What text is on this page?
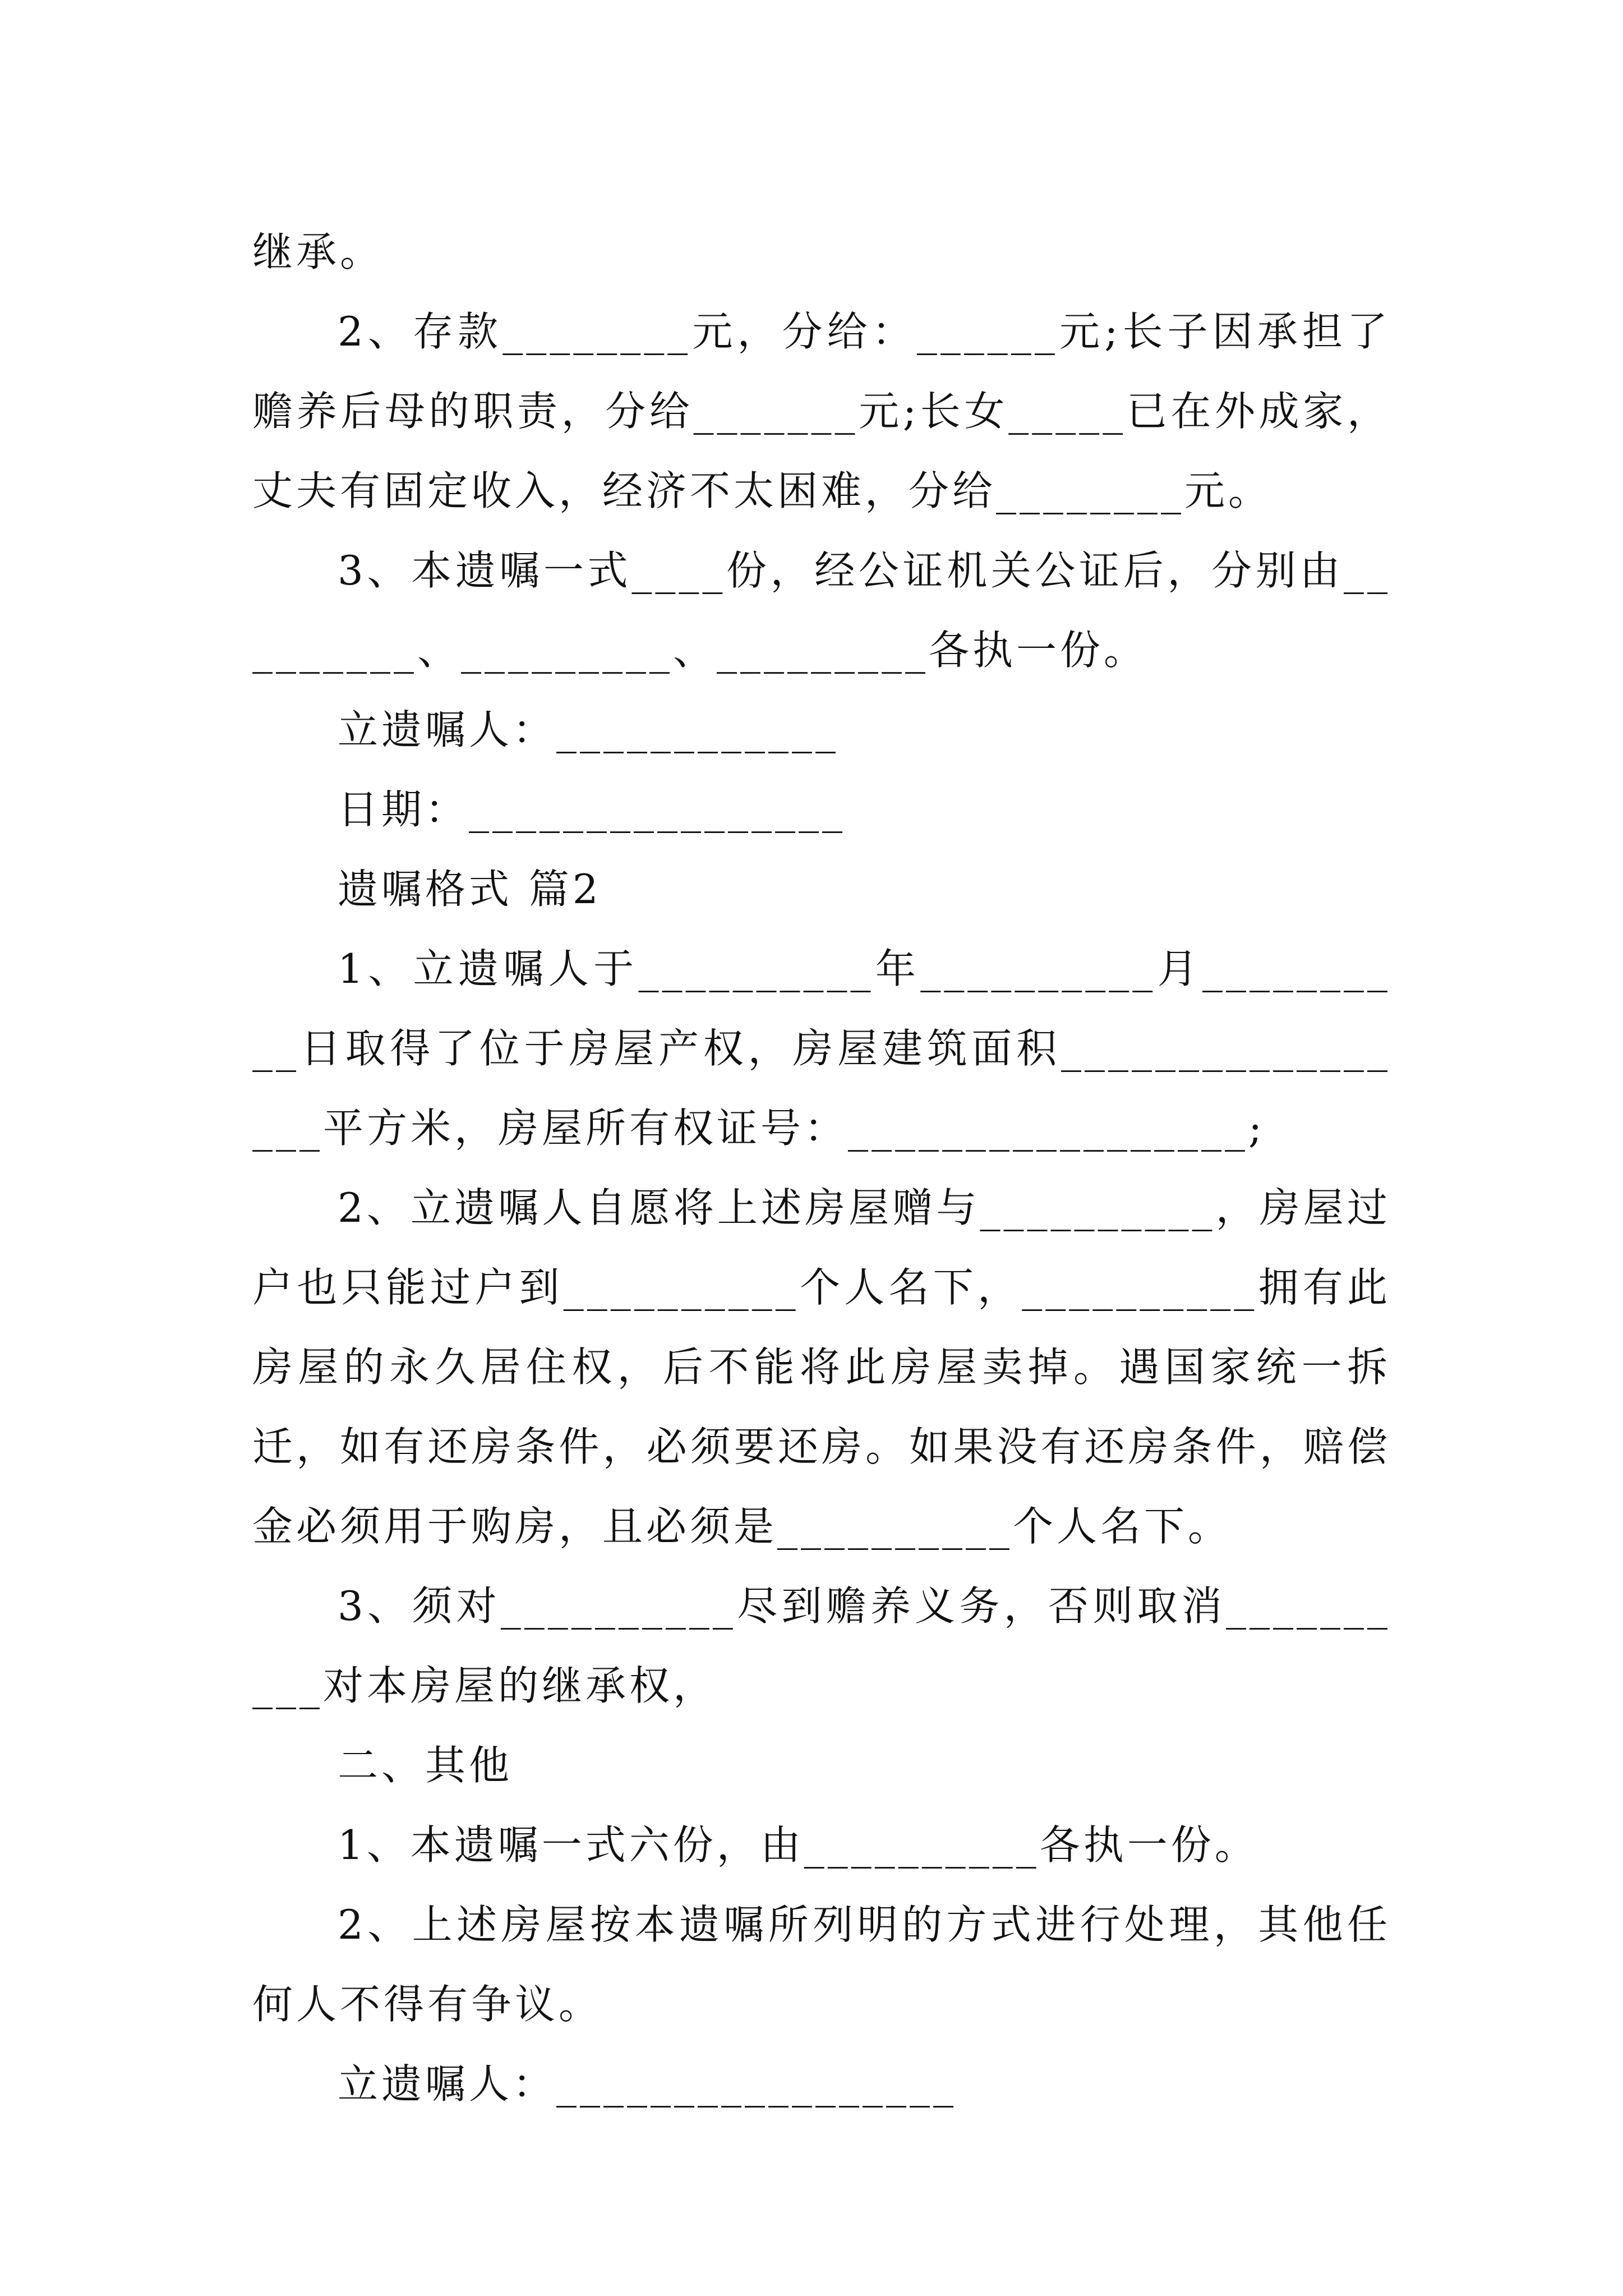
继承。

2、存款________元，分给：______元;长子因承担了赡养后母的职责，分给_______元;长女_____已在外成家，丈夫有固定收入，经济不太困难，分给________元。

3、本遗嘱一式____份，经公证机关公证后，分别由_________、_________、_________各执一份。

立遗嘱人：____________

日期：________________

遗嘱格式 篇2

1、立遗嘱人于__________年__________月__________日取得了位于房屋产权，房屋建筑面积_________________平方米，房屋所有权证号：_________________;

2、立遗嘱人自愿将上述房屋赠与__________，房屋过户也只能过户到__________个人名下，__________拥有此房屋的永久居住权，后不能将此房屋卖掉。遇国家统一拆迁，如有还房条件，必须要还房。如果没有还房条件，赔偿金必须用于购房，且必须是__________个人名下。

3、须对__________尽到赡养义务，否则取消__________对本房屋的继承权，

二、其他

1、本遗嘱一式六份，由__________各执一份。

2、上述房屋按本遗嘱所列明的方式进行处理，其他任何人不得有争议。

立遗嘱人：_________________
